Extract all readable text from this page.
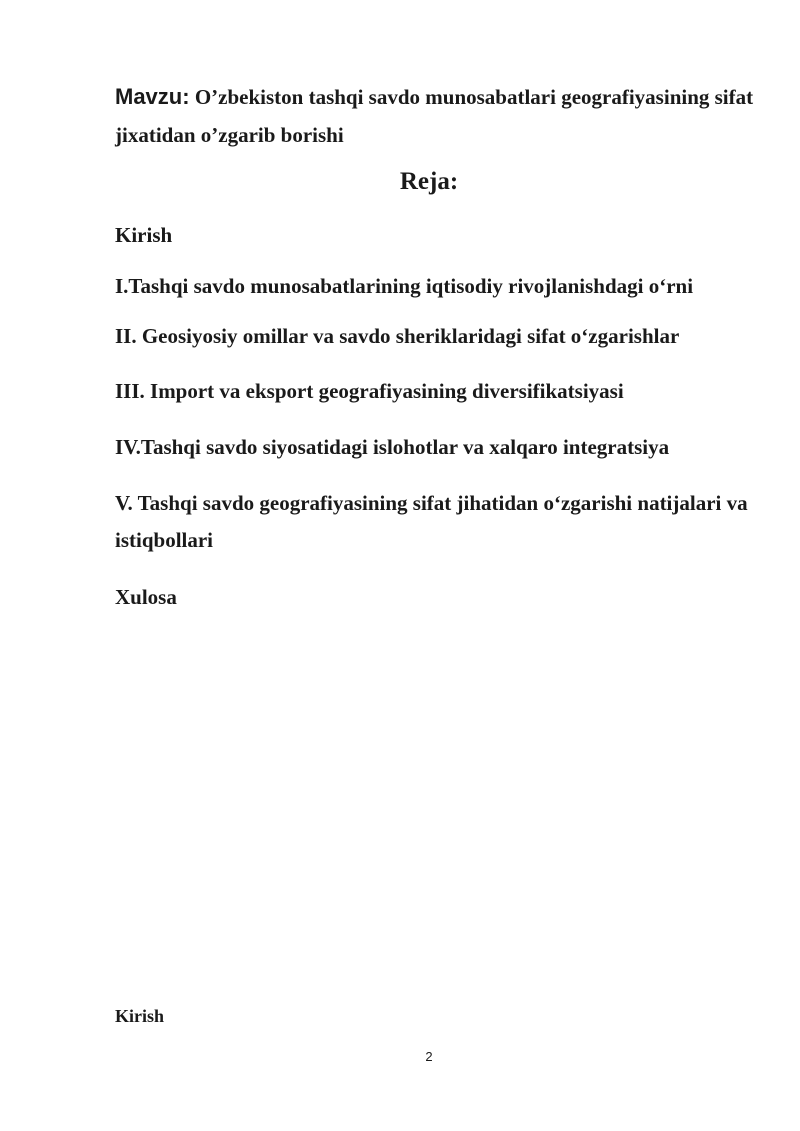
Mavzu: O’zbekiston tashqi savdo munosabatlari geografiyasining sifat jixatidan o’zgarib borishi
Reja:
Kirish
I.Tashqi savdo munosabatlarining iqtisodiy rivojlanishdagi o‘rni
II. Geosiyosiy omillar va savdo sheriklaridagi sifat o‘zgarishlar
III. Import va eksport geografiyasining diversifikatsiyasi
IV.Tashqi savdo siyosatidagi islohotlar va xalqaro integratsiya
V. Tashqi savdo geografiyasining sifat jihatidan o‘zgarishi natijalari va istiqbollari
Xulosa
Kirish
2
